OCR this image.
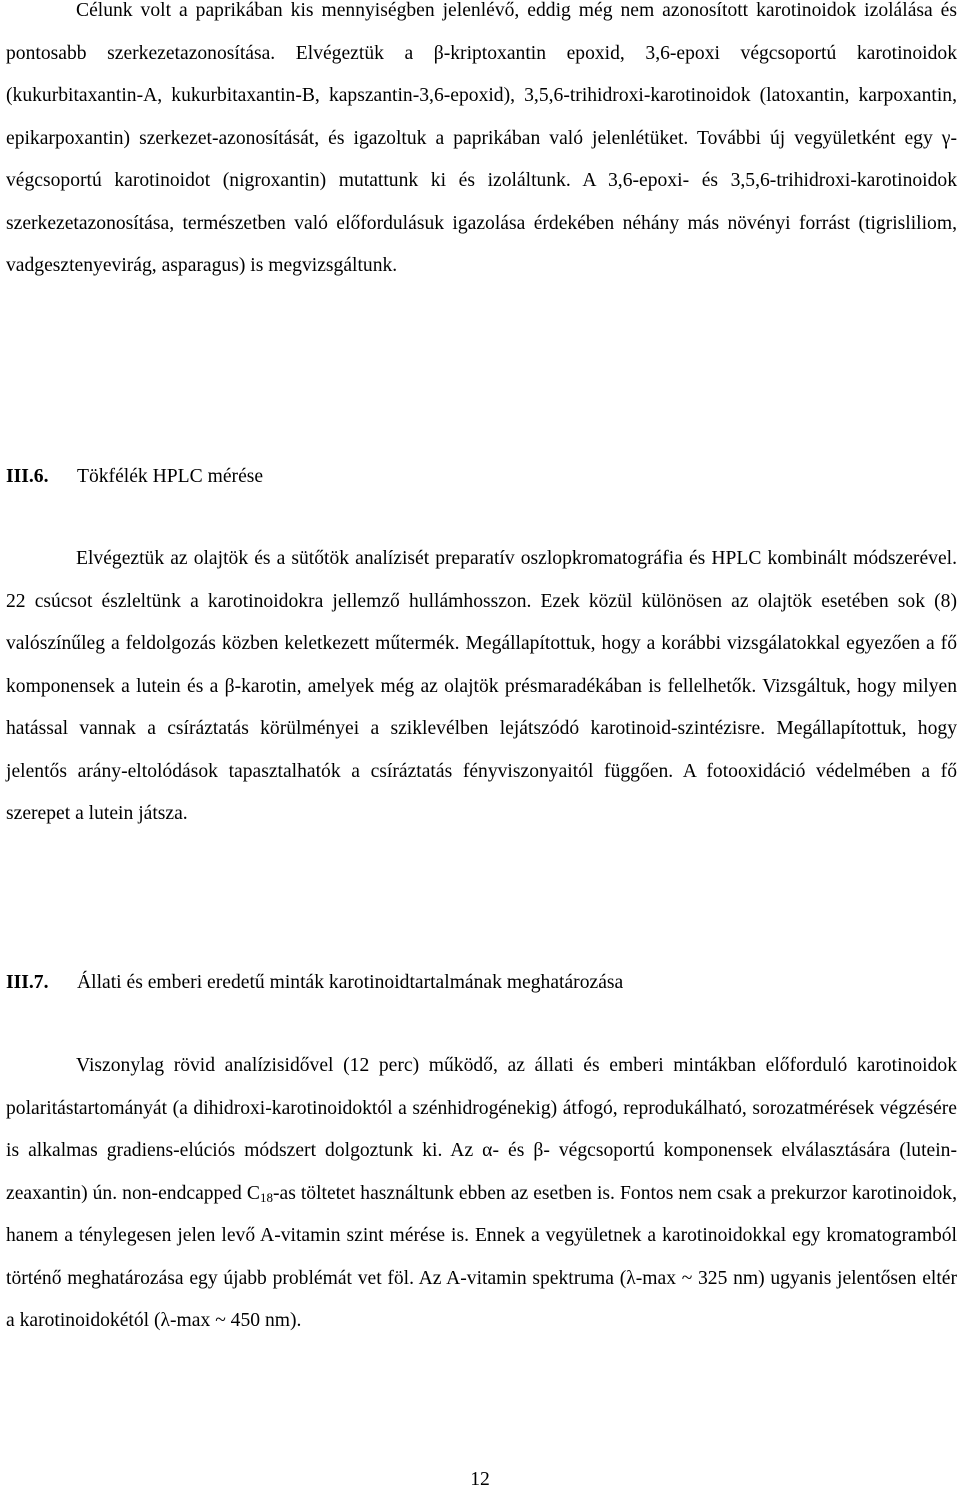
Célunk volt a paprikában kis mennyiségben jelenlévő, eddig még nem azonosított karotinoidok izolálása és pontosabb szerkezetazonosítása. Elvégeztük a β-kriptoxantin epoxid, 3,6-epoxi végcsoportú karotinoidok (kukurbitaxantin-A, kukurbitaxantin-B, kapszantin-3,6-epoxid), 3,5,6-trihidroxi-karotinoidok (latoxantin, karpoxantin, epikarpoxantin) szerkezet-azonosítását, és igazoltuk a paprikában való jelenlétüket. További új vegyületként egy γ-végcsoportú karotinoidot (nigroxantin) mutattunk ki és izoláltunk. A 3,6-epoxi- és 3,5,6-trihidroxi-karotinoidok szerkezetazonosítása, természetben való előfordulásuk igazolása érdekében néhány más növényi forrást (tigrisliliom, vadgesztenyevirág, asparagus) is megvizsgáltunk.

III.6. Tökfélék HPLC mérése

Elvégeztük az olajtök és a sütőtök analízisét preparatív oszlopkromatográfia és HPLC kombinált módszerével. 22 csúcsot észleltünk a karotinoidokra jellemző hullámhosszon. Ezek közül különösen az olajtök esetében sok (8) valószínűleg a feldolgozás közben keletkezett műtermék. Megállapítottuk, hogy a korábbi vizsgálatokkal egyezően a fő komponensek a lutein és a β-karotin, amelyek még az olajtök présmaradékában is fellelhetők. Vizsgáltuk, hogy milyen hatással vannak a csíráztatás körülményei a sziklevélben lejátszódó karotinoid-szintézisre. Megállapítottuk, hogy jelentős arány-eltolódások tapasztalhatók a csíráztatás fényviszonyaitól függően. A fotooxidáció védelmében a fő szerepet a lutein játsza.

III.7. Állati és emberi eredetű minták karotinoidtartalmának meghatározása

Viszonylag rövid analízisidővel (12 perc) működő, az állati és emberi mintákban előforduló karotinoidok polaritástartományát (a dihidroxi-karotinoidoktól a szénhidrogénekig) átfogó, reprodukálható, sorozatmérések végzésére is alkalmas gradiens-elúciós módszert dolgoztunk ki. Az α- és β- végcsoportú komponensek elválasztására (lutein-zeaxantin) ún. non-endcapped $C_{18}-as$ töltetet használtunk ebben az esetben is. Fontos nem csak a prekurzor karotinoidok, hanem a ténylegesen jelen levő A-vitamin szint mérése is. Ennek a vegyületnek a karotinoidokkal egy kromatogramból történő meghatározása egy újabb problémát vet föl. Az A-vitamin spektruma (λ-max ~ 325 nm) ugyanis jelentősen eltér a karotinoidokétól (λ-max ~ 450 nm).

12
